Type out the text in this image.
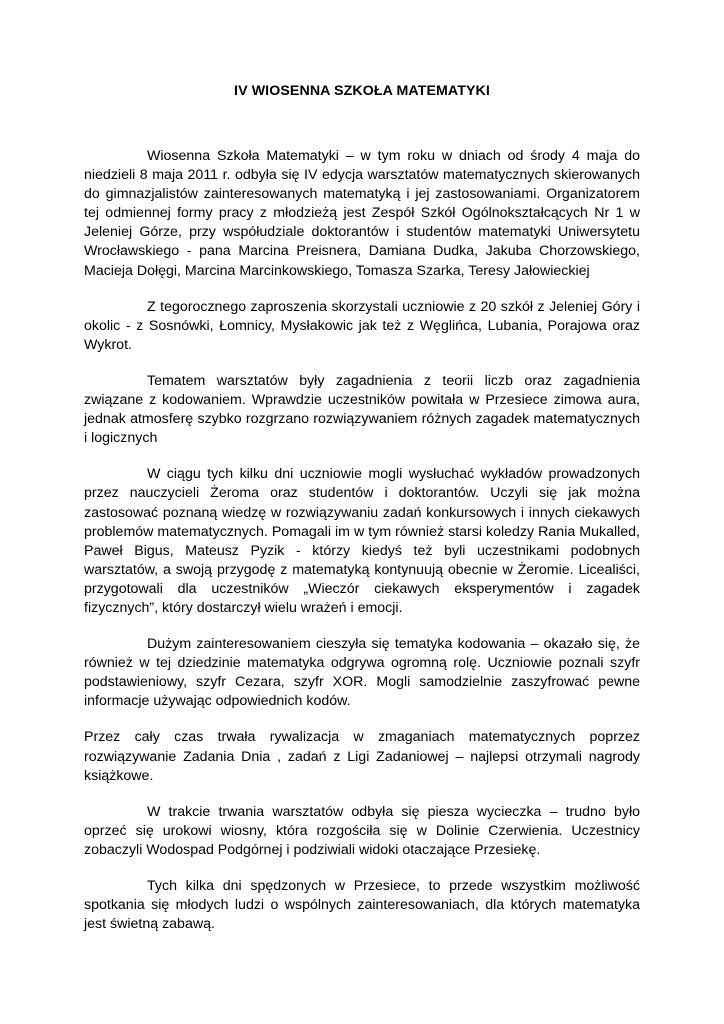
IV WIOSENNA SZKOŁA MATEMATYKI

Wiosenna Szkoła Matematyki – w tym roku w dniach od środy 4 maja do niedzieli 8 maja 2011 r. odbyła się IV edycja warsztatów matematycznych skierowanych do gimnazjalistów zainteresowanych matematyką i jej zastosowaniami. Organizatorem tej odmiennej formy pracy z młodzieżą jest Zespół Szkół Ogólnokształcących Nr 1 w Jeleniej Górze, przy współudziale doktorantów i studentów matematyki Uniwersytetu Wrocławskiego - pana Marcina Preisnera, Damiana Dudka, Jakuba Chorzowskiego, Macieja Dołęgi, Marcina Marcinkowskiego, Tomasza Szarka, Teresy Jałowieckiej

Z tegorocznego zaproszenia skorzystali uczniowie z 20 szkół z Jeleniej Góry i okolic - z Sosnówki, Łomnicy, Mysłakowic jak też z Węglińca, Lubania, Porajowa oraz Wykrot.

Tematem warsztatów były zagadnienia z teorii liczb oraz zagadnienia związane z kodowaniem. Wprawdzie uczestników powitała w Przesiece zimowa aura, jednak atmosferę szybko rozgrzano rozwiązywaniem różnych zagadek matematycznych i logicznych

W ciągu tych kilku dni uczniowie mogli wysłuchać wykładów prowadzonych przez nauczycieli Żeroma oraz studentów i doktorantów. Uczyli się jak można zastosować poznaną wiedzę w rozwiązywaniu zadań konkursowych i innych ciekawych problemów matematycznych. Pomagali im w tym również starsi koledzy Rania Mukalled, Paweł Bigus, Mateusz Pyzik - którzy kiedyś też byli uczestnikami podobnych warsztatów, a swoją przygodę z matematyką kontynuują obecnie w Żeromie. Licealiści, przygotowali dla uczestników „Wieczór ciekawych eksperymentów i zagadek fizycznych”, który dostarczył wielu wrażeń i emocji.

Dużym zainteresowaniem cieszyła się tematyka kodowania – okazało się, że również w tej dziedzinie matematyka odgrywa ogromną rolę. Uczniowie poznali szyfr podstawieniowy, szyfr Cezara, szyfr XOR. Mogli samodzielnie zaszyfrować pewne informacje używając odpowiednich kodów.

Przez cały czas trwała rywalizacja w zmaganiach matematycznych poprzez rozwiązywanie Zadania Dnia , zadań z Ligi Zadaniowej – najlepsi otrzymali nagrody książkowe.

W trakcie trwania warsztatów odbyła się piesza wycieczka – trudno było oprzeć się urokowi wiosny, która rozgościła się w Dolinie Czerwienia. Uczestnicy zobaczyli Wodospad Podgórnej i podziwiali widoki otaczające Przesiekę.

Tych kilka dni spędzonych w Przesiece, to przede wszystkim możliwość spotkania się młodych ludzi o wspólnych zainteresowaniach, dla których matematyka jest świetną zabawą.
